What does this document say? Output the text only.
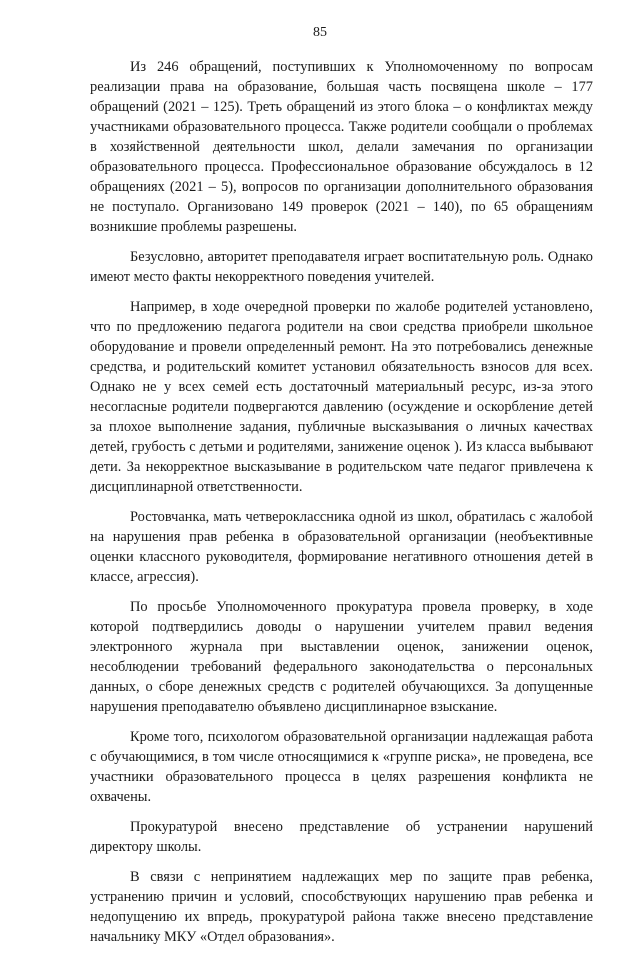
85

Из 246 обращений, поступивших к Уполномоченному по вопросам реализации права на образование, большая часть посвящена школе – 177 обращений (2021 – 125). Треть обращений из этого блока – о конфликтах между участниками образовательного процесса. Также родители сообщали о проблемах в хозяйственной деятельности школ, делали замечания по организации образовательного процесса. Профессиональное образование обсуждалось в 12 обращениях (2021 – 5), вопросов по организации дополнительного образования не поступало. Организовано 149 проверок (2021 – 140), по 65 обращениям возникшие проблемы разрешены.

Безусловно, авторитет преподавателя играет воспитательную роль. Однако имеют место факты некорректного поведения учителей.

Например, в ходе очередной проверки по жалобе родителей установлено, что по предложению педагога родители на свои средства приобрели школьное оборудование и провели определенный ремонт. На это потребовались денежные средства, и родительский комитет установил обязательность взносов для всех. Однако не у всех семей есть достаточный материальный ресурс, из-за этого несогласные родители подвергаются давлению (осуждение и оскорбление детей за плохое выполнение задания, публичные высказывания о личных качествах детей, грубость с детьми и родителями, занижение оценок ). Из класса выбывают дети. За некорректное высказывание в родительском чате педагог привлечена к дисциплинарной ответственности.

Ростовчанка, мать четвероклассника одной из школ, обратилась с жалобой на нарушения прав ребенка в образовательной организации (необъективные оценки классного руководителя, формирование негативного отношения детей в классе, агрессия).

По просьбе Уполномоченного прокуратура провела проверку, в ходе которой подтвердились доводы о нарушении учителем правил ведения электронного журнала при выставлении оценок, занижении оценок, несоблюдении требований федерального законодательства о персональных данных, о сборе денежных средств с родителей обучающихся. За допущенные нарушения преподавателю объявлено дисциплинарное взыскание.

Кроме того, психологом образовательной организации надлежащая работа с обучающимися, в том числе относящимися к «группе риска», не проведена, все участники образовательного процесса в целях разрешения конфликта не охвачены.

Прокуратурой внесено представление об устранении нарушений директору школы.

В связи с непринятием надлежащих мер по защите прав ребенка, устранению причин и условий, способствующих нарушению прав ребенка и недопущению их впредь, прокуратурой района также внесено представление начальнику МКУ «Отдел образования».
